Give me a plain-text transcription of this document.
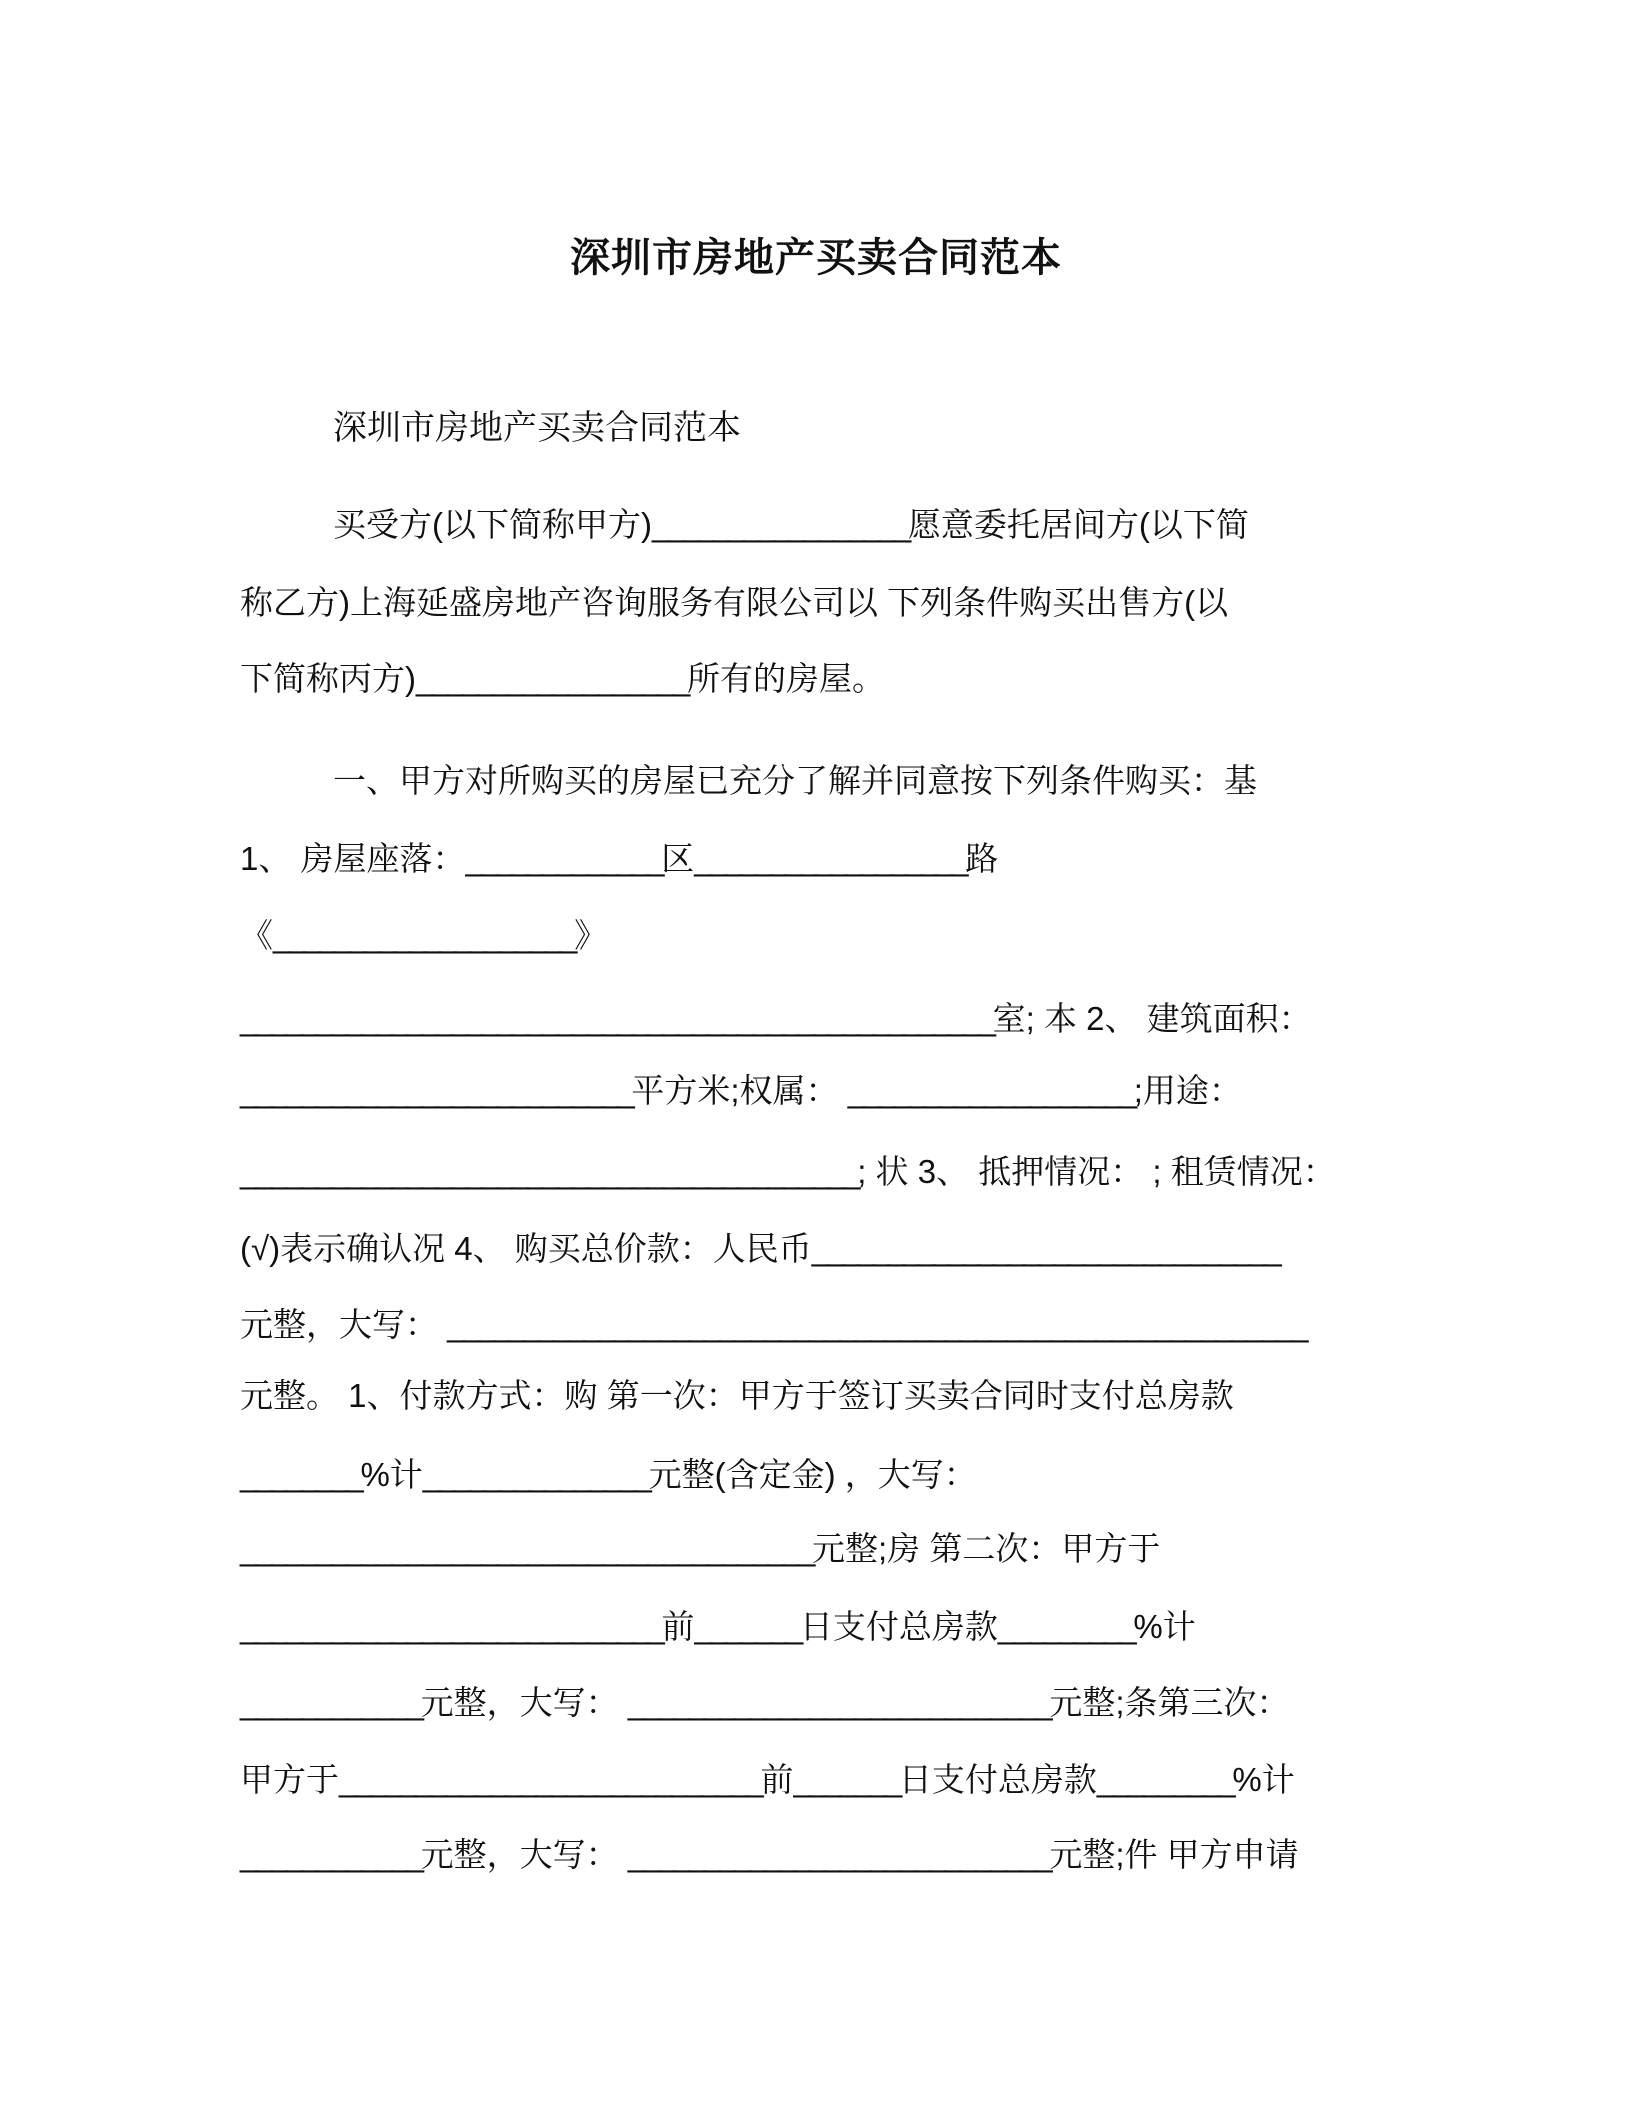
深圳市房地产买卖合同范本
深圳市房地产买卖合同范本
买受方(以下简称甲方)_________________愿意委托居间方(以下简
称乙方)上海延盛房地产咨询服务有限公司以 下列条件购买出售方(以
下简称丙方)__________________所有的房屋。
一、甲方对所购买的房屋已充分了解并同意按下列条件购买：基
1、 房屋座落：_____________区__________________路
《____________________》
__________________________________________________室; 本 2、 建筑面积：
__________________________平方米;权属： ___________________;用途：
_________________________________________; 状 3、 抵押情况： ; 租赁情况：
(√)表示确认况 4、 购买总价款：人民币_______________________________
元整，大写： _________________________________________________________
元整。 1、付款方式：购 第一次：甲方于签订买卖合同时支付总房款
________%计_______________元整(含定金) ，大写：
______________________________________元整;房 第二次：甲方于
____________________________前_______日支付总房款_________%计
____________元整，大写： ____________________________元整;条第三次：
甲方于____________________________前_______日支付总房款_________%计
____________元整，大写： ____________________________元整;件 甲方申请
